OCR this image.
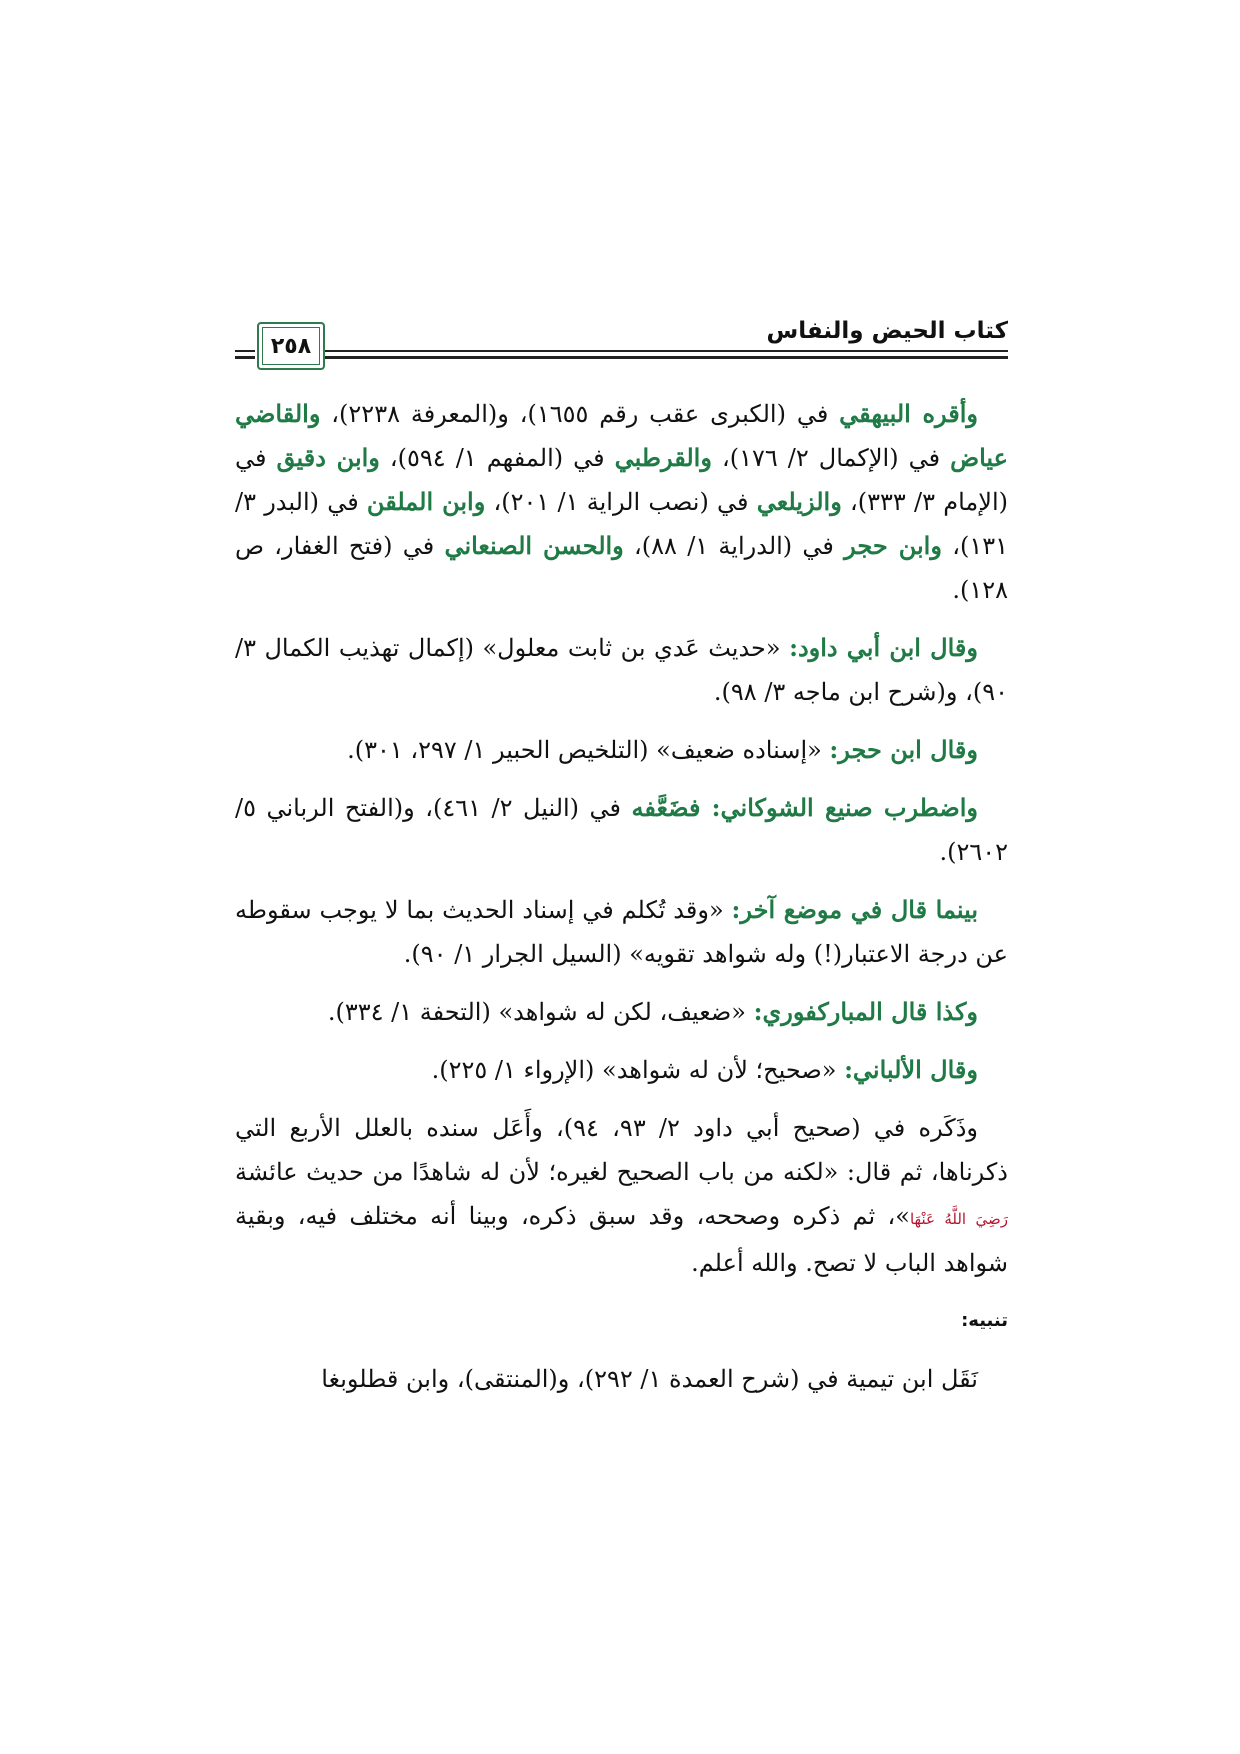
كتاب الحيض والنفاس
٢٥٨

وأقره البيهقي في (الكبرى عقب رقم ١٦٥٥)، و(المعرفة ٢٢٣٨)، والقاضي عياض في (الإكمال ٢/ ١٧٦)، والقرطبي في (المفهم ١/ ٥٩٤)، وابن دقيق في (الإمام ٣/ ٣٣٣)، والزيلعي في (نصب الراية ١/ ٢٠١)، وابن الملقن في (البدر ٣/ ١٣١)، وابن حجر في (الدراية ١/ ٨٨)، والحسن الصنعاني في (فتح الغفار، ص ١٢٨).

وقال ابن أبي داود: «حديث عَدي بن ثابت معلول» (إكمال تهذيب الكمال ٣/ ٩٠)، و(شرح ابن ماجه ٣/ ٩٨).

وقال ابن حجر: «إسناده ضعيف» (التلخيص الحبير ١/ ٢٩٧، ٣٠١).

واضطرب صنيع الشوكاني: فضَعَّفه في (النيل ٢/ ٤٦١)، و(الفتح الرباني ٥/ ٢٦٠٢).

بينما قال في موضع آخر: «وقد تُكلم في إسناد الحديث بما لا يوجب سقوطه عن درجة الاعتبار(!) وله شواهد تقويه» (السيل الجرار ١/ ٩٠).

وكذا قال المباركفوري: «ضعيف، لكن له شواهد» (التحفة ١/ ٣٣٤).

وقال الألباني: «صحيح؛ لأن له شواهد» (الإرواء ١/ ٢٢٥).

وذَكَره في (صحيح أبي داود ٢/ ٩٣، ٩٤)، وأَعَل سنده بالعلل الأربع التي ذكرناها، ثم قال: «لكنه من باب الصحيح لغيره؛ لأن له شاهدًا من حديث عائشة رَضِيَ اللَّهُ عَنْهَا»، ثم ذكره وصححه، وقد سبق ذكره، وبينا أنه مختلف فيه، وبقية شواهد الباب لا تصح. والله أعلم.

تنبيه:

نَقَل ابن تيمية في (شرح العمدة ١/ ٢٩٢)، و(المنتقى)، وابن قطلوبغا
